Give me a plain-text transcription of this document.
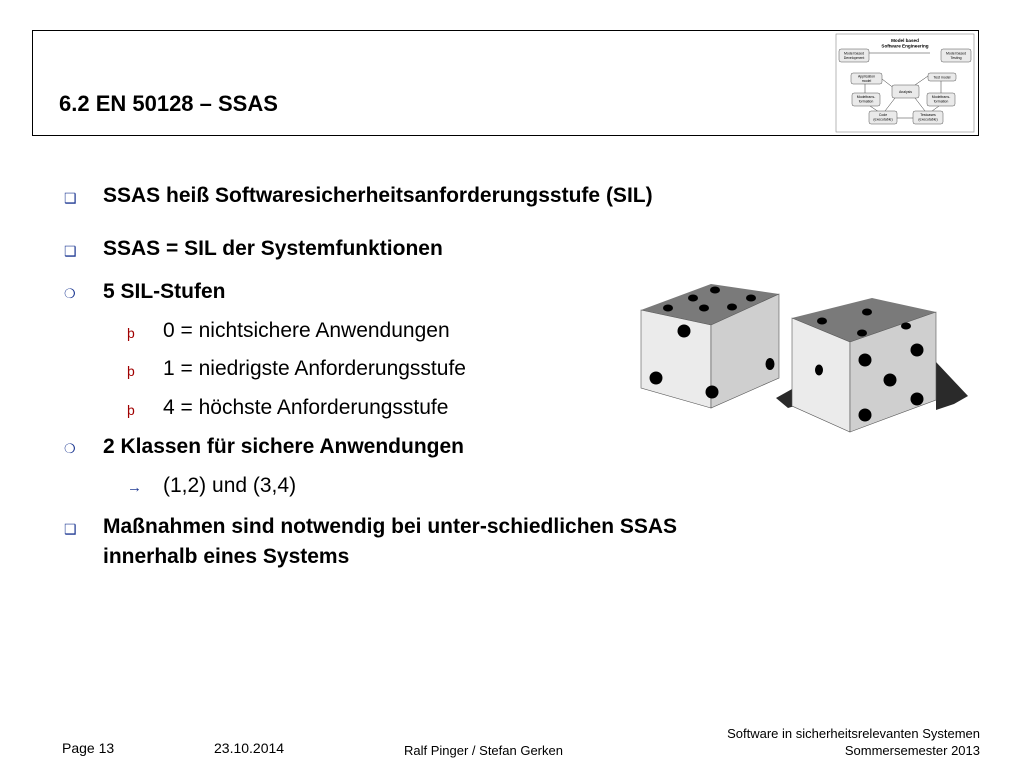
6.2 EN 50128 – SSAS
Model based
Software Engineering
Model based
Development
Model based
Testing
Application
model
Test model
Analysis
Modeltrans-
formation
Modeltrans-
formation
Code
(executable)
Testcases
(executable)
❑ SSAS heiß Softwaresicherheitsanforderungsstufe (SIL)
❑ SSAS = SIL der Systemfunktionen
❍ 5 SIL-Stufen
þ 0 = nichtsichere Anwendungen
þ 1 = niedrigste Anforderungsstufe
þ 4 = höchste Anforderungsstufe
❍ 2 Klassen für sichere Anwendungen
→ (1,2) und (3,4)
❑ Maßnahmen sind notwendig bei unter-schiedlichen SSAS
innerhalb eines Systems
Page 13	23.10.2014	Ralf Pinger / Stefan Gerken
Software in sicherheitsrelevanten Systemen
Sommersemester 2013
